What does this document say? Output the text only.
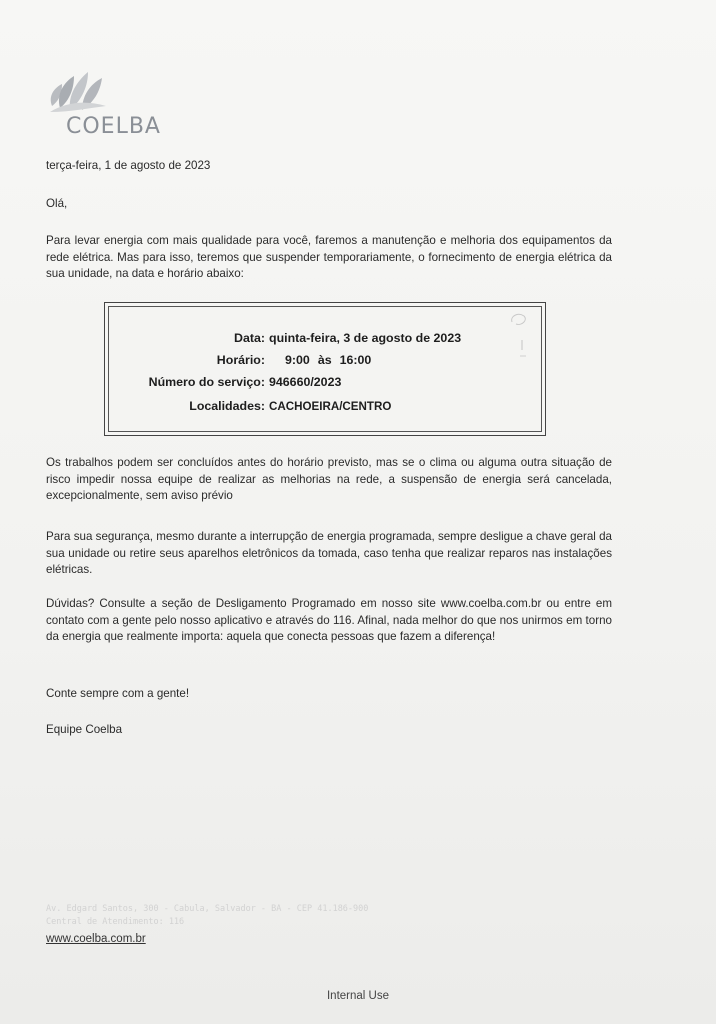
COELBA
terça-feira, 1 de agosto de 2023
Olá,
Para levar energia com mais qualidade para você, faremos a manutenção e melhoria dos equipamentos da rede elétrica. Mas para isso, teremos que suspender temporariamente, o fornecimento de energia elétrica da sua unidade, na data e horário abaixo:
Data: quinta-feira, 3 de agosto de 2023
Horário: 9:00 às 16:00
Número do serviço: 946660/2023
Localidades: CACHOEIRA/CENTRO
Os trabalhos podem ser concluídos antes do horário previsto, mas se o clima ou alguma outra situação de risco impedir nossa equipe de realizar as melhorias na rede, a suspensão de energia será cancelada, excepcionalmente, sem aviso prévio
Para sua segurança, mesmo durante a interrupção de energia programada, sempre desligue a chave geral da sua unidade ou retire seus aparelhos eletrônicos da tomada, caso tenha que realizar reparos nas instalações elétricas.
Dúvidas? Consulte a seção de Desligamento Programado em nosso site www.coelba.com.br ou entre em contato com a gente pelo nosso aplicativo e através do 116. Afinal, nada melhor do que nos unirmos em torno da energia que realmente importa: aquela que conecta pessoas que fazem a diferença!
Conte sempre com a gente!
Equipe Coelba
Av. Edgard Santos, 300 - Cabula, Salvador - BA - CEP 41.186-900
Central de Atendimento: 116
www.coelba.com.br
Internal Use
